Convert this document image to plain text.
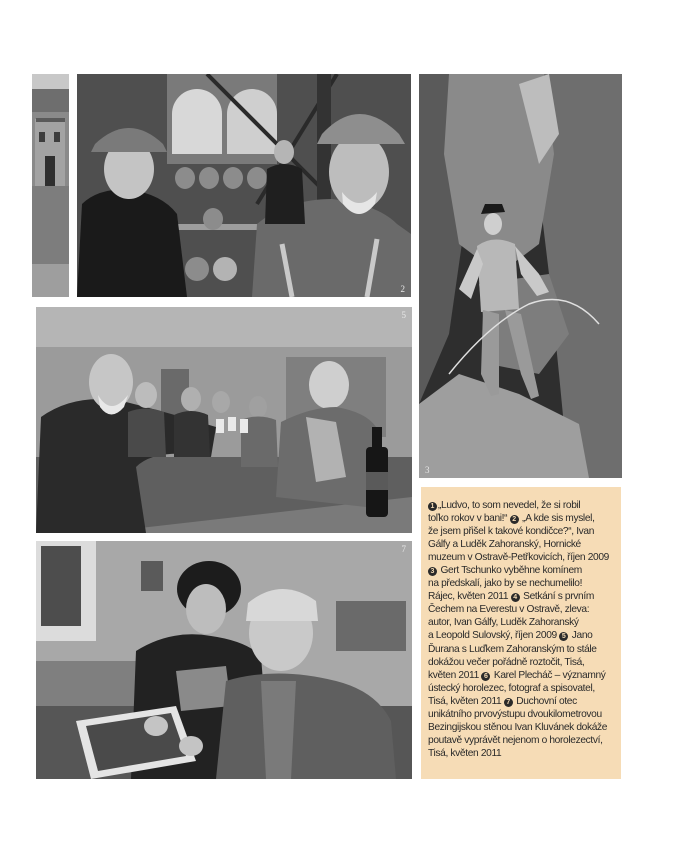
2
3
5
7
1 „Ludvo, to som nevedel, že si robil
toľko rokov v bani!“ 2 „A kde sis myslel,
že jsem přišel k takové kondičce?“, Ivan
Gálfy a Luděk Zahoranský, Hornické
muzeum v Ostravě-Petřkovicích, říjen 2009
3 Gert Tschunko vyběhne komínem
na předskalí, jako by se nechumelilo!
Rájec, květen 2011 4 Setkání s prvním
Čechem na Everestu v Ostravě, zleva:
autor, Ivan Gálfy, Luděk Zahoranský
a Leopold Sulovský, říjen 2009 5 Jano
Ďurana s Luďkem Zahoranským to stále
dokážou večer pořádně roztočit, Tisá,
květen 2011 6 Karel Plecháč – významný
ústecký horolezec, fotograf a spisovatel,
Tisá, květen 2011 7 Duchovní otec
unikátního prvovýstupu dvoukilometrovou
Bezingijskou stěnou Ivan Kluvánek dokáže
poutavě vyprávět nejenom o horolezectví,
Tisá, květen 2011
